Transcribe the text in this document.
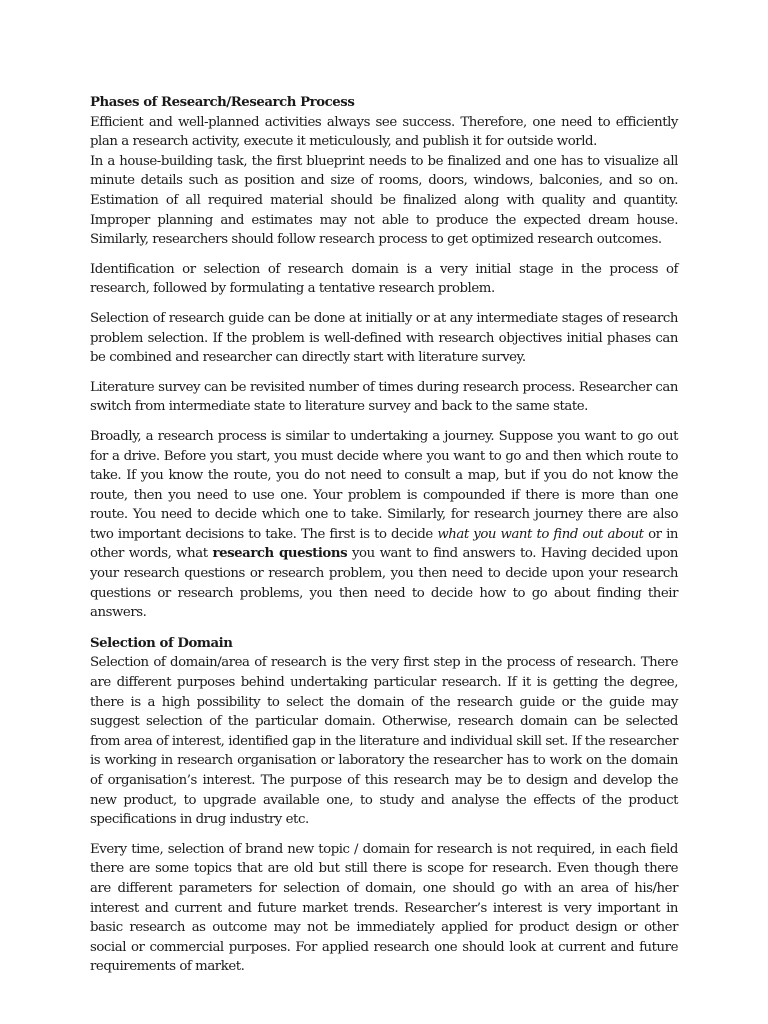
Phases of Research/Research Process

Efficient and well-planned activities always see success. Therefore, one need to efficiently plan a research activity, execute it meticulously, and publish it for outside world.

In a house-building task, the first blueprint needs to be finalized and one has to visualize all minute details such as position and size of rooms, doors, windows, balconies, and so on. Estimation of all required material should be finalized along with quality and quantity. Improper planning and estimates may not able to produce the expected dream house. Similarly, researchers should follow research process to get optimized research outcomes.

Identification or selection of research domain is a very initial stage in the process of research, followed by formulating a tentative research problem.

Selection of research guide can be done at initially or at any intermediate stages of research problem selection. If the problem is well-defined with research objectives initial phases can be combined and researcher can directly start with literature survey.

Literature survey can be revisited number of times during research process. Researcher can switch from intermediate state to literature survey and back to the same state.

Broadly, a research process is similar to undertaking a journey. Suppose you want to go out for a drive. Before you start, you must decide where you want to go and then which route to take. If you know the route, you do not need to consult a map, but if you do not know the route, then you need to use one. Your problem is compounded if there is more than one route. You need to decide which one to take. Similarly, for research journey there are also two important decisions to take. The first is to decide what you want to find out about or in other words, what research questions you want to find answers to. Having decided upon your research questions or research problem, you then need to decide upon your research questions or research problems, you then need to decide how to go about finding their answers.

Selection of Domain

Selection of domain/area of research is the very first step in the process of research. There are different purposes behind undertaking particular research. If it is getting the degree, there is a high possibility to select the domain of the research guide or the guide may suggest selection of the particular domain. Otherwise, research domain can be selected from area of interest, identified gap in the literature and individual skill set. If the researcher is working in research organisation or laboratory the researcher has to work on the domain of organisation’s interest. The purpose of this research may be to design and develop the new product, to upgrade available one, to study and analyse the effects of the product specifications in drug industry etc.

Every time, selection of brand new topic / domain for research is not required, in each field there are some topics that are old but still there is scope for research. Even though there are different parameters for selection of domain, one should go with an area of his/her interest and current and future market trends. Researcher’s interest is very important in basic research as outcome may not be immediately applied for product design or other social or commercial purposes. For applied research one should look at current and future requirements of market.
